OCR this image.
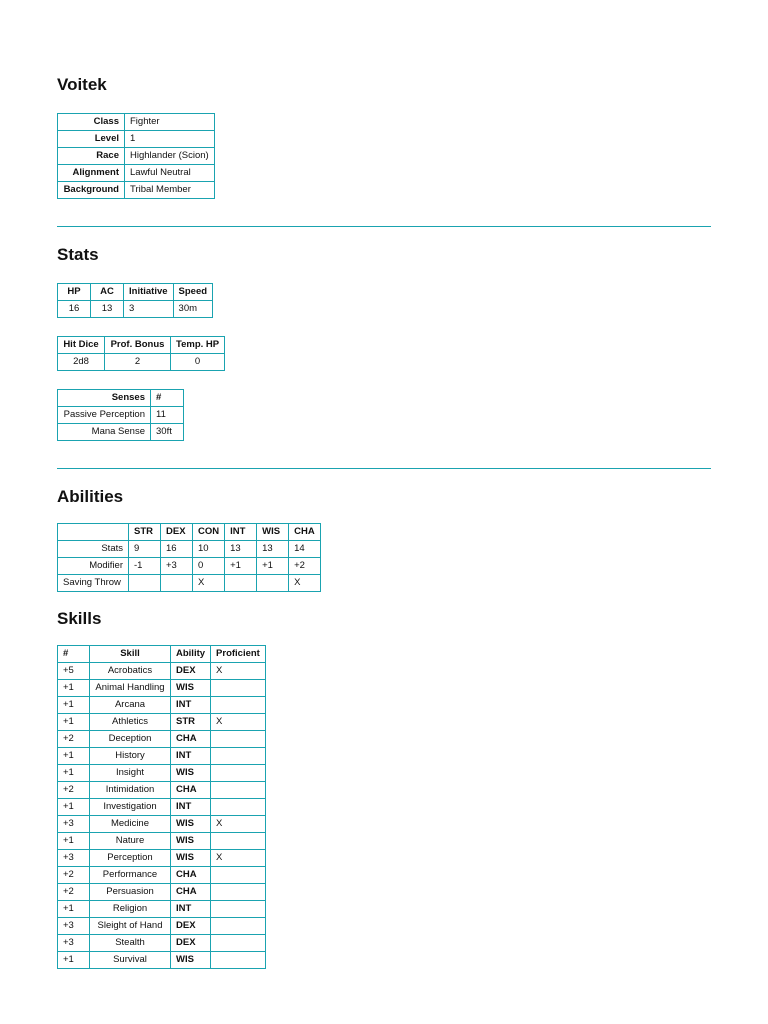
Voitek
Class	Fighter
Level	1
Race	Highlander (Scion)
Alignment	Lawful Neutral
Background	Tribal Member
Stats
HP	AC	Initiative	Speed
16	13	3	30m
Hit Dice	Prof. Bonus	Temp. HP
2d8	2	0
Senses	#
Passive Perception	11
Mana Sense	30ft
Abilities
	STR	DEX	CON	INT	WIS	CHA
Stats	9	16	10	13	13	14
Modifier	-1	+3	0	+1	+1	+2
Saving Throw			X			X
Skills
#	Skill	Ability	Proficient
+5	Acrobatics	DEX	X
+1	Animal Handling	WIS	
+1	Arcana	INT	
+1	Athletics	STR	X
+2	Deception	CHA	
+1	History	INT	
+1	Insight	WIS	
+2	Intimidation	CHA	
+1	Investigation	INT	
+3	Medicine	WIS	X
+1	Nature	WIS	
+3	Perception	WIS	X
+2	Performance	CHA	
+2	Persuasion	CHA	
+1	Religion	INT	
+3	Sleight of Hand	DEX	
+3	Stealth	DEX	
+1	Survival	WIS	
